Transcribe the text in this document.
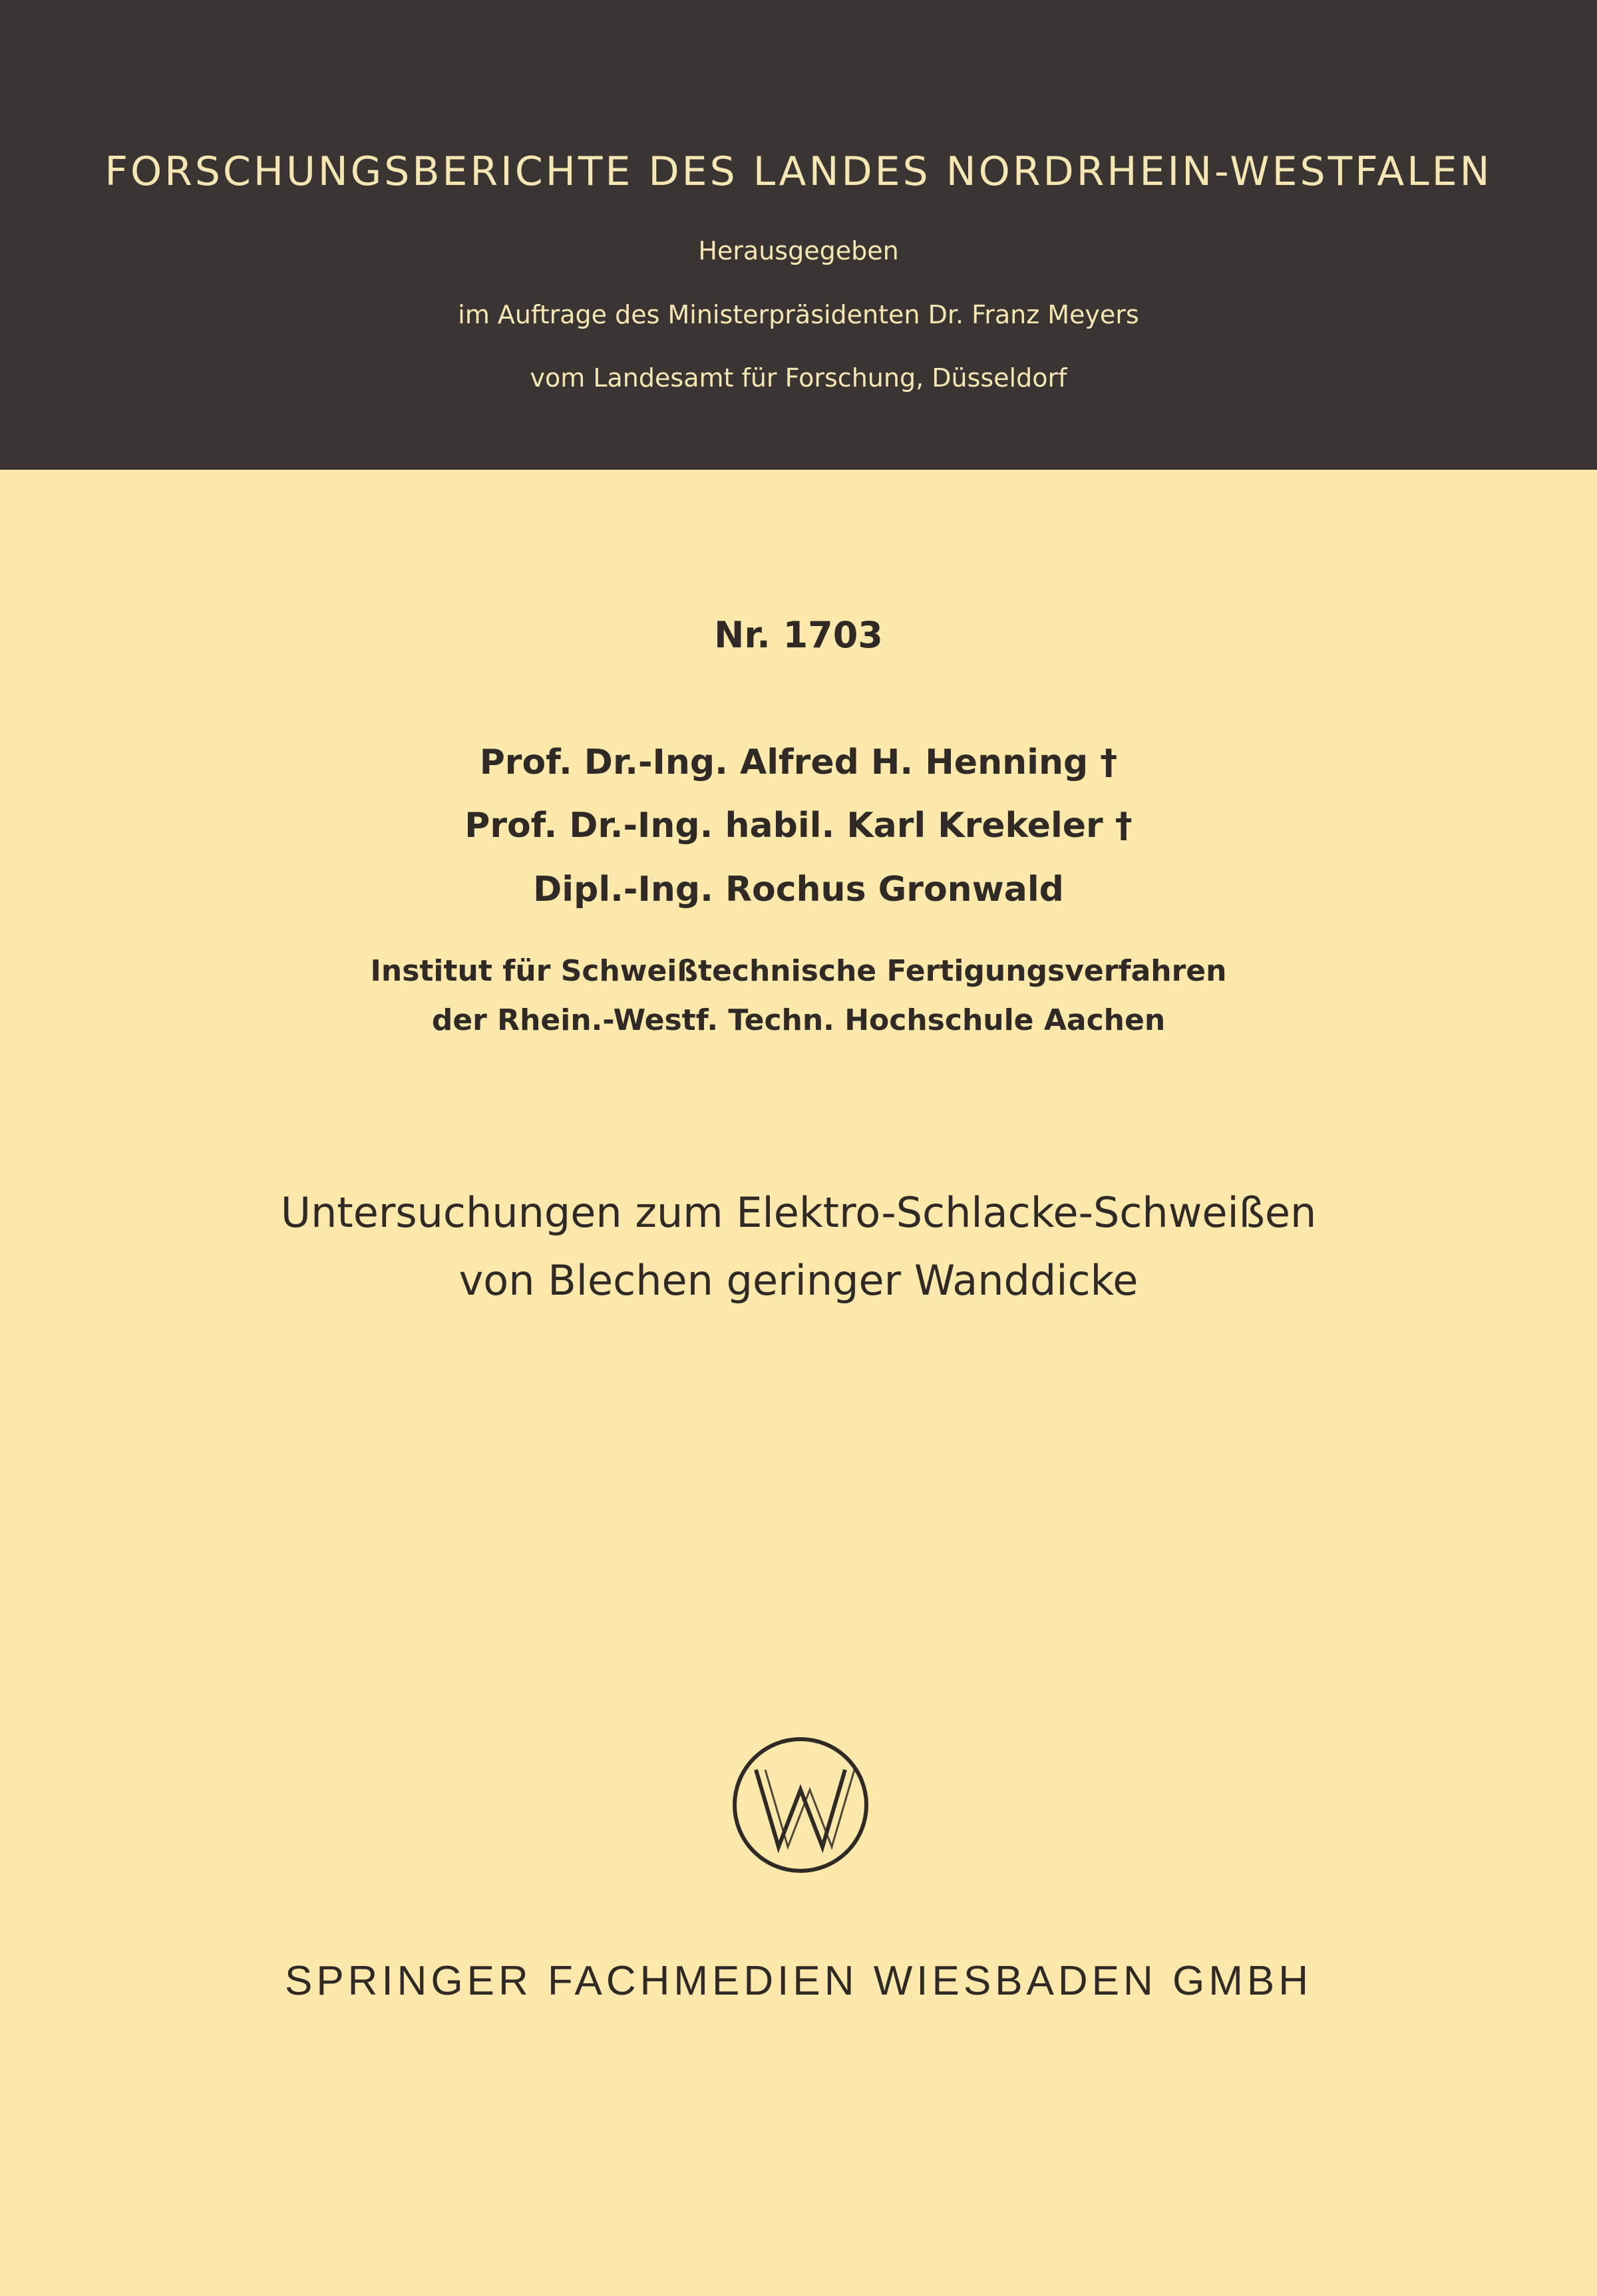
FORSCHUNGSBERICHTE DES LANDES NORDRHEIN-WESTFALEN
Herausgegeben
im Auftrage des Ministerpräsidenten Dr. Franz Meyers
vom Landesamt für Forschung, Düsseldorf
Nr. 1703
Prof. Dr.-Ing. Alfred H. Henning †
Prof. Dr.-Ing. habil. Karl Krekeler †
Dipl.-Ing. Rochus Gronwald
Institut für Schweißtechnische Fertigungsverfahren
der Rhein.-Westf. Techn. Hochschule Aachen
Untersuchungen zum Elektro-Schlacke-Schweißen
von Blechen geringer Wanddicke
SPRINGER FACHMEDIEN WIESBADEN GMBH
